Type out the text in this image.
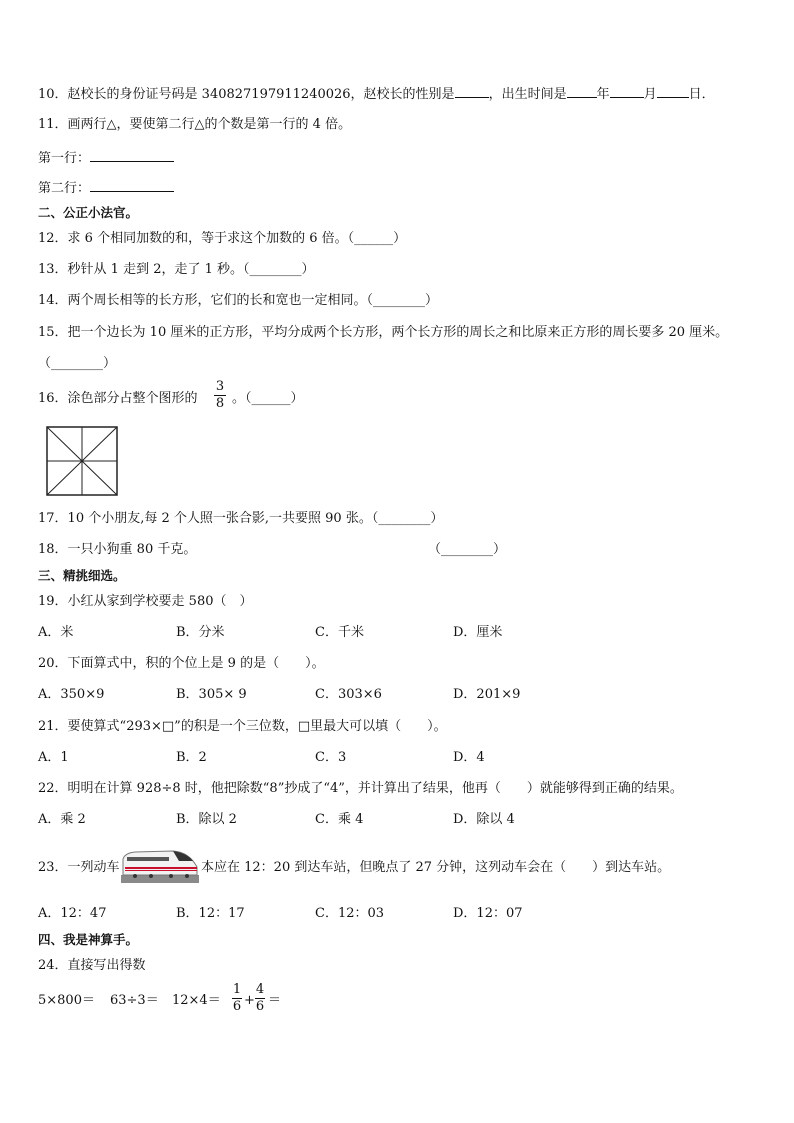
10．赵校长的身份证号码是 340827197911240026，赵校长的性别是	，出生时间是 年	月 日．
11．画两行△，要使第二行△的个数是第一行的 4 倍。
第一行：
第二行：
二、公正小法官。
12．求 6 个相同加数的和，等于求这个加数的 6 倍。（______）
13．秒针从 1 走到 2，走了 1 秒。（________）
14．两个周长相等的长方形，它们的长和宽也一定相同。（________）
15．把一个边长为 10 厘米的正方形，平均分成两个长方形，两个长方形的周长之和比原来正方形的周长要多 20 厘米。
（________）
16．涂色部分占整个图形的
3
8 。（______）
17．10 个小朋友,每 2 个人照一张合影,一共要照 90 张。（________）
18．一只小狗重 80 千克。	（________）
三、精挑细选。
19．小红从家到学校要走 580（　）
A．米	B．分米	C．千米	D．厘米
20．下面算式中，积的个位上是 9 的是（　　）。
A．350×9	B．305× 9	C．303×6	D．201×9
21．要使算式“293×□”的积是一个三位数，□里最大可以填（　　）。
A．1	B．2	C．3	D．4
22．明明在计算 928÷8 时，他把除数“8”抄成了“4”，并计算出了结果，他再（　　）就能够得到正确的结果。
A．乘 2	B．除以 2	C．乘 4	D．除以 4
23．一列动车	本应在 12：20 到达车站，但晚点了 27 分钟，这列动车会在（　　）到达车站。
A．12：47	B．12：17	C．12：03	D．12：07
四、我是神算手。
24．直接写出得数
5×800＝ 63÷3＝ 12×4＝
1
6 +
4
6 ＝
